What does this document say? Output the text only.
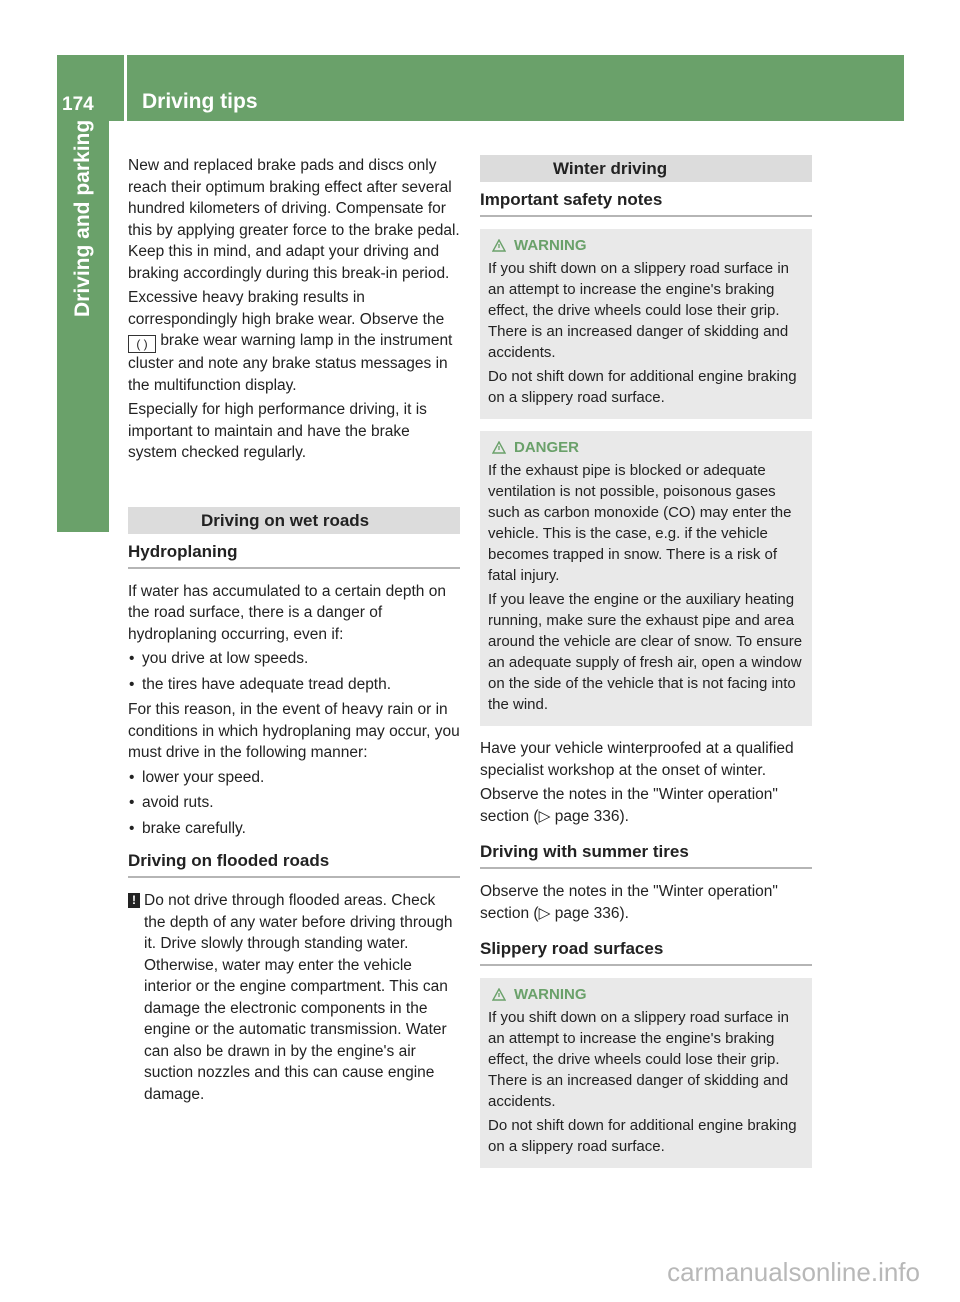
174	Driving tips
Driving and parking	New and replaced brake pads and discs only reach their optimum braking effect after several hundred kilometers of driving. Compensate for this by applying greater force to the brake pedal. Keep this in mind, and adapt your driving and braking accordingly during this break-in period.

Excessive heavy braking results in correspondingly high brake wear. Observe the ( ) brake wear warning lamp in the instrument cluster and note any brake status messages in the multifunction display.

Especially for high performance driving, it is important to maintain and have the brake system checked regularly.

Driving on wet roads
Hydroplaning

If water has accumulated to a certain depth on the road surface, there is a danger of hydroplaning occurring, even if:

• you drive at low speeds.

• the tires have adequate tread depth.

For this reason, in the event of heavy rain or in conditions in which hydroplaning may occur, you must drive in the following manner:

• lower your speed.

• avoid ruts.

• brake carefully.

Driving on flooded roads

! Do not drive through flooded areas. Check the depth of any water before driving through it. Drive slowly through standing water. Otherwise, water may enter the vehicle interior or the engine compartment. This can damage the electronic components in the engine or the automatic transmission. Water can also be drawn in by the engine's air suction nozzles and this can cause engine damage.

Winter driving
Important safety notes
WARNING

If you shift down on a slippery road surface in an attempt to increase the engine's braking effect, the drive wheels could lose their grip. There is an increased danger of skidding and accidents.

Do not shift down for additional engine braking on a slippery road surface.

DANGER

If the exhaust pipe is blocked or adequate ventilation is not possible, poisonous gases such as carbon monoxide (CO) may enter the vehicle. This is the case, e.g. if the vehicle becomes trapped in snow. There is a risk of fatal injury.

If you leave the engine or the auxiliary heating running, make sure the exhaust pipe and area around the vehicle are clear of snow. To ensure an adequate supply of fresh air, open a window on the side of the vehicle that is not facing into the wind.

Have your vehicle winterproofed at a qualified specialist workshop at the onset of winter.

Observe the notes in the "Winter operation" section (▷ page 336).

Driving with summer tires

Observe the notes in the "Winter operation" section (▷ page 336).

Slippery road surfaces
WARNING

If you shift down on a slippery road surface in an attempt to increase the engine's braking effect, the drive wheels could lose their grip. There is an increased danger of skidding and accidents.

Do not shift down for additional engine braking on a slippery road surface.

carmanualsonline.info
